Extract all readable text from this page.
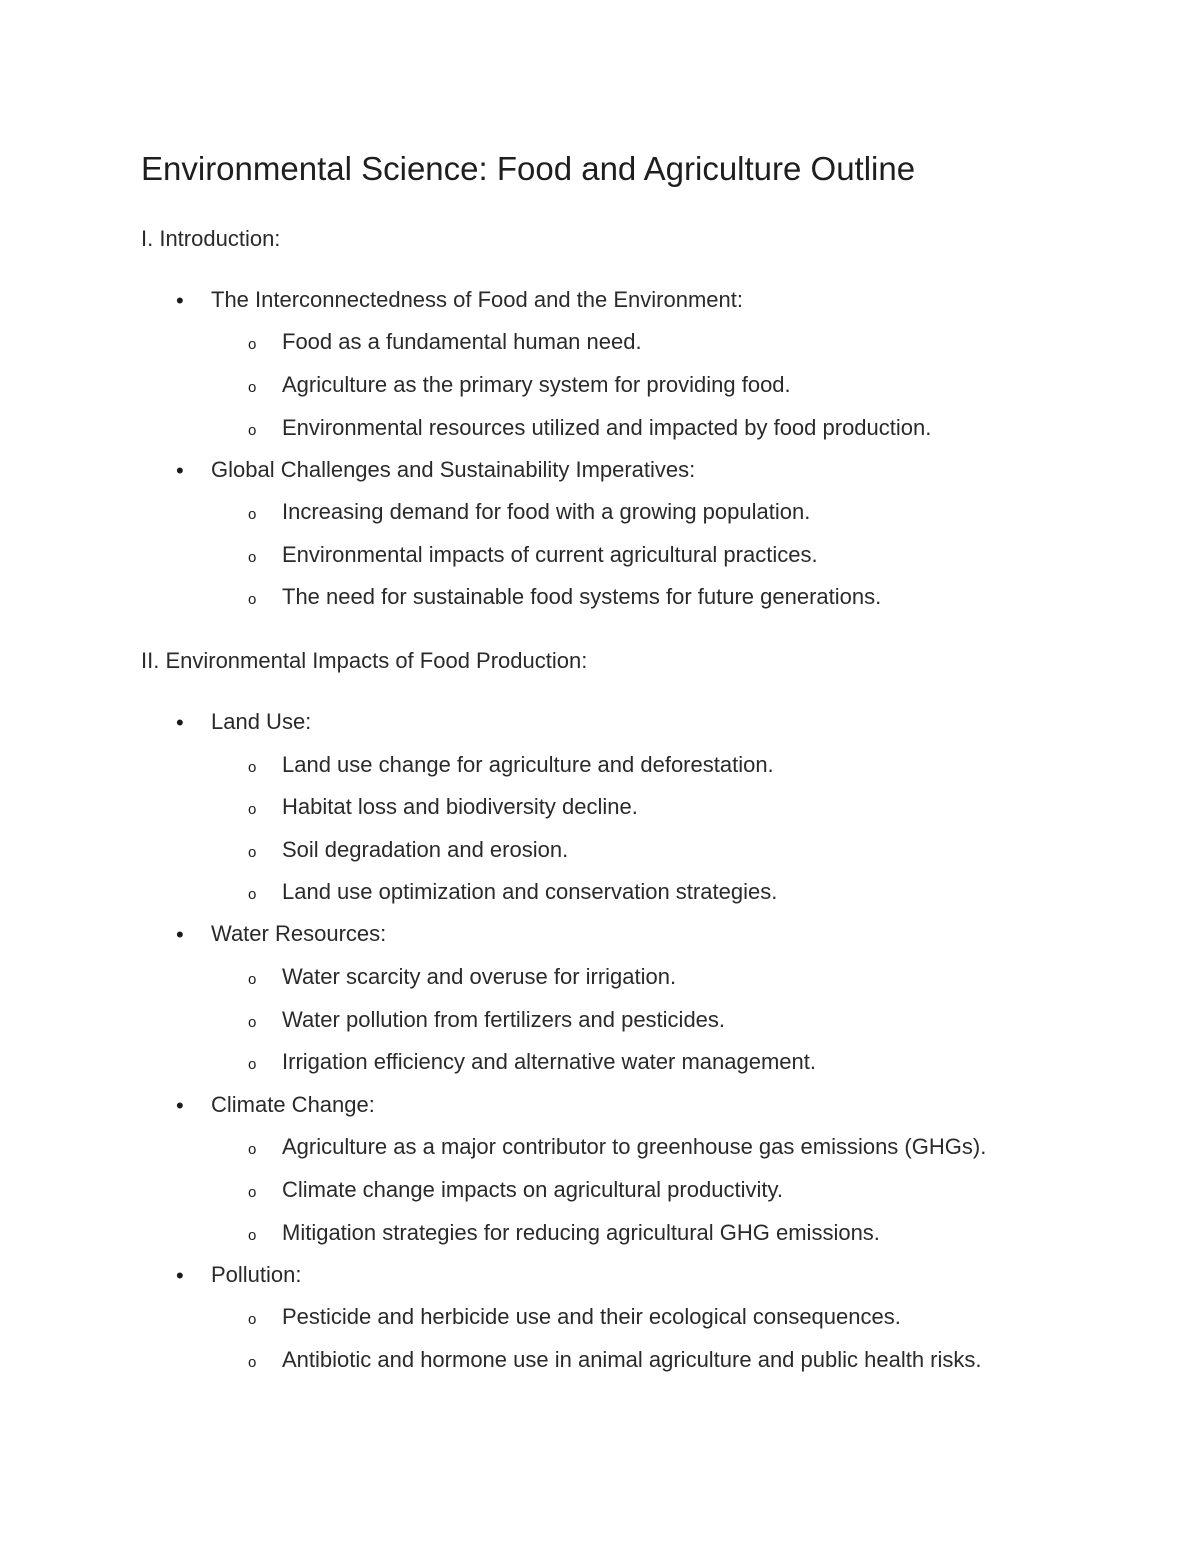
Environmental Science: Food and Agriculture Outline
I. Introduction:
• The Interconnectedness of Food and the Environment:
o Food as a fundamental human need.
o Agriculture as the primary system for providing food.
o Environmental resources utilized and impacted by food production.
• Global Challenges and Sustainability Imperatives:
o Increasing demand for food with a growing population.
o Environmental impacts of current agricultural practices.
o The need for sustainable food systems for future generations.
II. Environmental Impacts of Food Production:
• Land Use:
o Land use change for agriculture and deforestation.
o Habitat loss and biodiversity decline.
o Soil degradation and erosion.
o Land use optimization and conservation strategies.
• Water Resources:
o Water scarcity and overuse for irrigation.
o Water pollution from fertilizers and pesticides.
o Irrigation efficiency and alternative water management.
• Climate Change:
o Agriculture as a major contributor to greenhouse gas emissions (GHGs).
o Climate change impacts on agricultural productivity.
o Mitigation strategies for reducing agricultural GHG emissions.
• Pollution:
o Pesticide and herbicide use and their ecological consequences.
o Antibiotic and hormone use in animal agriculture and public health risks.
